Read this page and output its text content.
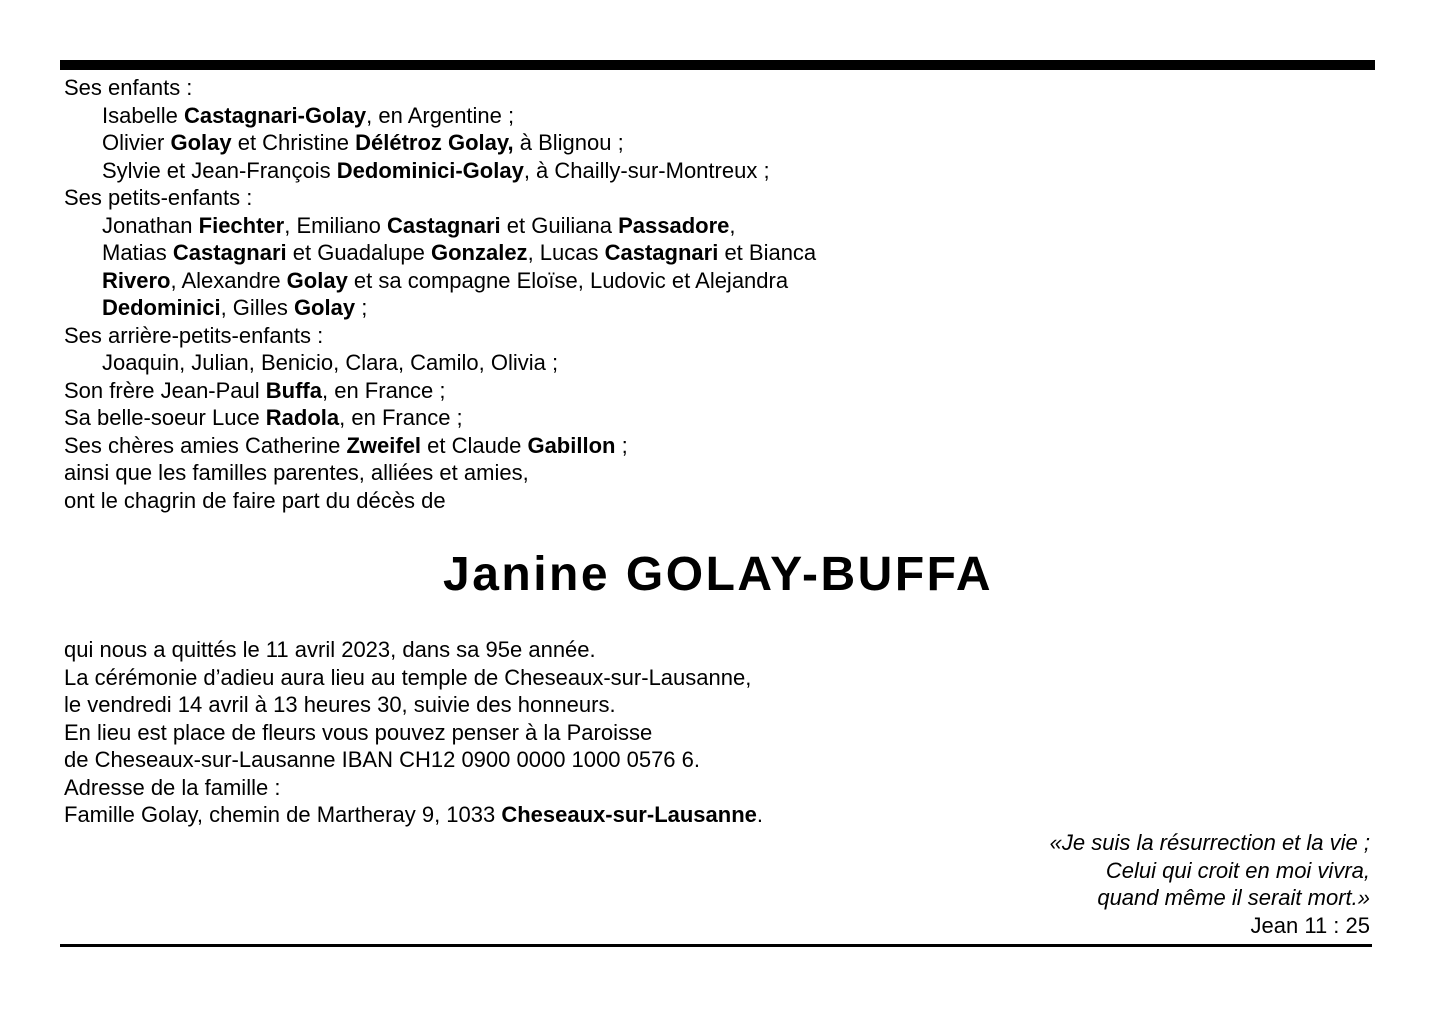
Ses enfants :
Isabelle Castagnari-Golay, en Argentine ;
Olivier Golay et Christine Délétroz Golay, à Blignou ;
Sylvie et Jean-François Dedominici-Golay, à Chailly-sur-Montreux ;
Ses petits-enfants :
Jonathan Fiechter, Emiliano Castagnari et Guiliana Passadore,
Matias Castagnari et Guadalupe Gonzalez, Lucas Castagnari et Bianca
Rivero, Alexandre Golay et sa compagne Eloïse, Ludovic et Alejandra
Dedominici, Gilles Golay ;
Ses arrière-petits-enfants :
Joaquin, Julian, Benicio, Clara, Camilo, Olivia ;
Son frère Jean-Paul Buffa, en France ;
Sa belle-soeur Luce Radola, en France ;
Ses chères amies Catherine Zweifel et Claude Gabillon ;
ainsi que les familles parentes, alliées et amies,
ont le chagrin de faire part du décès de
Janine GOLAY-BUFFA
qui nous a quittés le 11 avril 2023, dans sa 95e année.
La cérémonie d’adieu aura lieu au temple de Cheseaux-sur-Lausanne,
le vendredi 14 avril à 13 heures 30, suivie des honneurs.
En lieu est place de fleurs vous pouvez penser à la Paroisse
de Cheseaux-sur-Lausanne IBAN CH12 0900 0000 1000 0576 6.
Adresse de la famille :
Famille Golay, chemin de Martheray 9, 1033 Cheseaux-sur-Lausanne.
«Je suis la résurrection et la vie ;
Celui qui croit en moi vivra,
quand même il serait mort.»
Jean 11 : 25
